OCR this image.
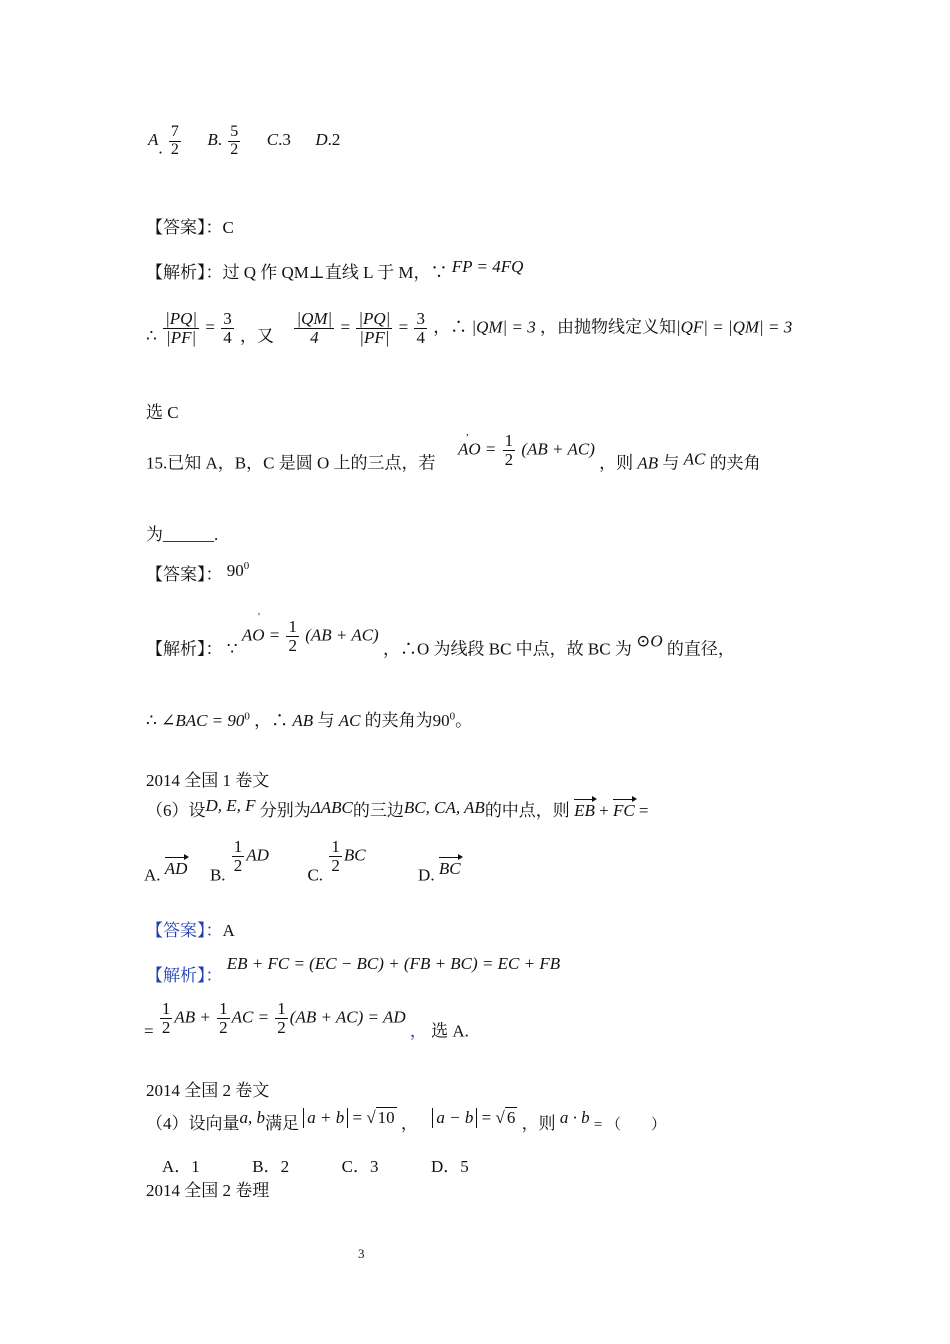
A. $\frac{7}{2} B$. $\frac{5}{2} C.3$ D.2
【答案】：C
【解析】：过 Q 作 QM⊥直线 L 于 M，∵ FP = 4FQ
∴ $\frac{|PQ|}{|PF|} = \frac{3}{4}$ ，又 $\frac{|QM|}{4} = \frac{|PQ|}{|PF|} = \frac{3}{4}$ ，∴ |QM| = 3 ，由抛物线定义知|QF| = |QM| = 3
选 C
15.已知 A，B，C 是圆 O 上的三点，若  AO = $\frac{1}{2} (AB + AC)$ ，则 AB 与 AC 的夹角
,
为______.
【答案】： $90^0$
【解析】： ∵ AO = $\frac{1}{2} (AB + AC)$ ，∴O 为线段 BC 中点，故 BC 为 ⊙O 的直径，
'
∴ ∠BAC = $90^0$ ，∴ AB 与 AC 的夹角为$90^0$。
2014 全国 1 卷文
（6）设D, E, F 分别为ΔABC的三边BC, CA, AB的中点，则 EB + FC =
A. AD B.
$\frac{1}{2}$ AD  C.
$\frac{1}{2}$ BC  D. BC
【答案】：A
【解析】： EB + FC = (EC − BC) + (FB + BC) = EC + FB
= $\frac{1}{2}$ AB + $\frac{1}{2}$ AC = $\frac{1}{2} (AB + AC)$ = AD ， 选 A.
2014 全国 2 卷文
（4）设向量a, b满足 a + b = √ 10 ， a − b = √ 6 ，则 a · b = （　　）
A．1	B．2	C．3	D．5
2014 全国 2 卷理
3
